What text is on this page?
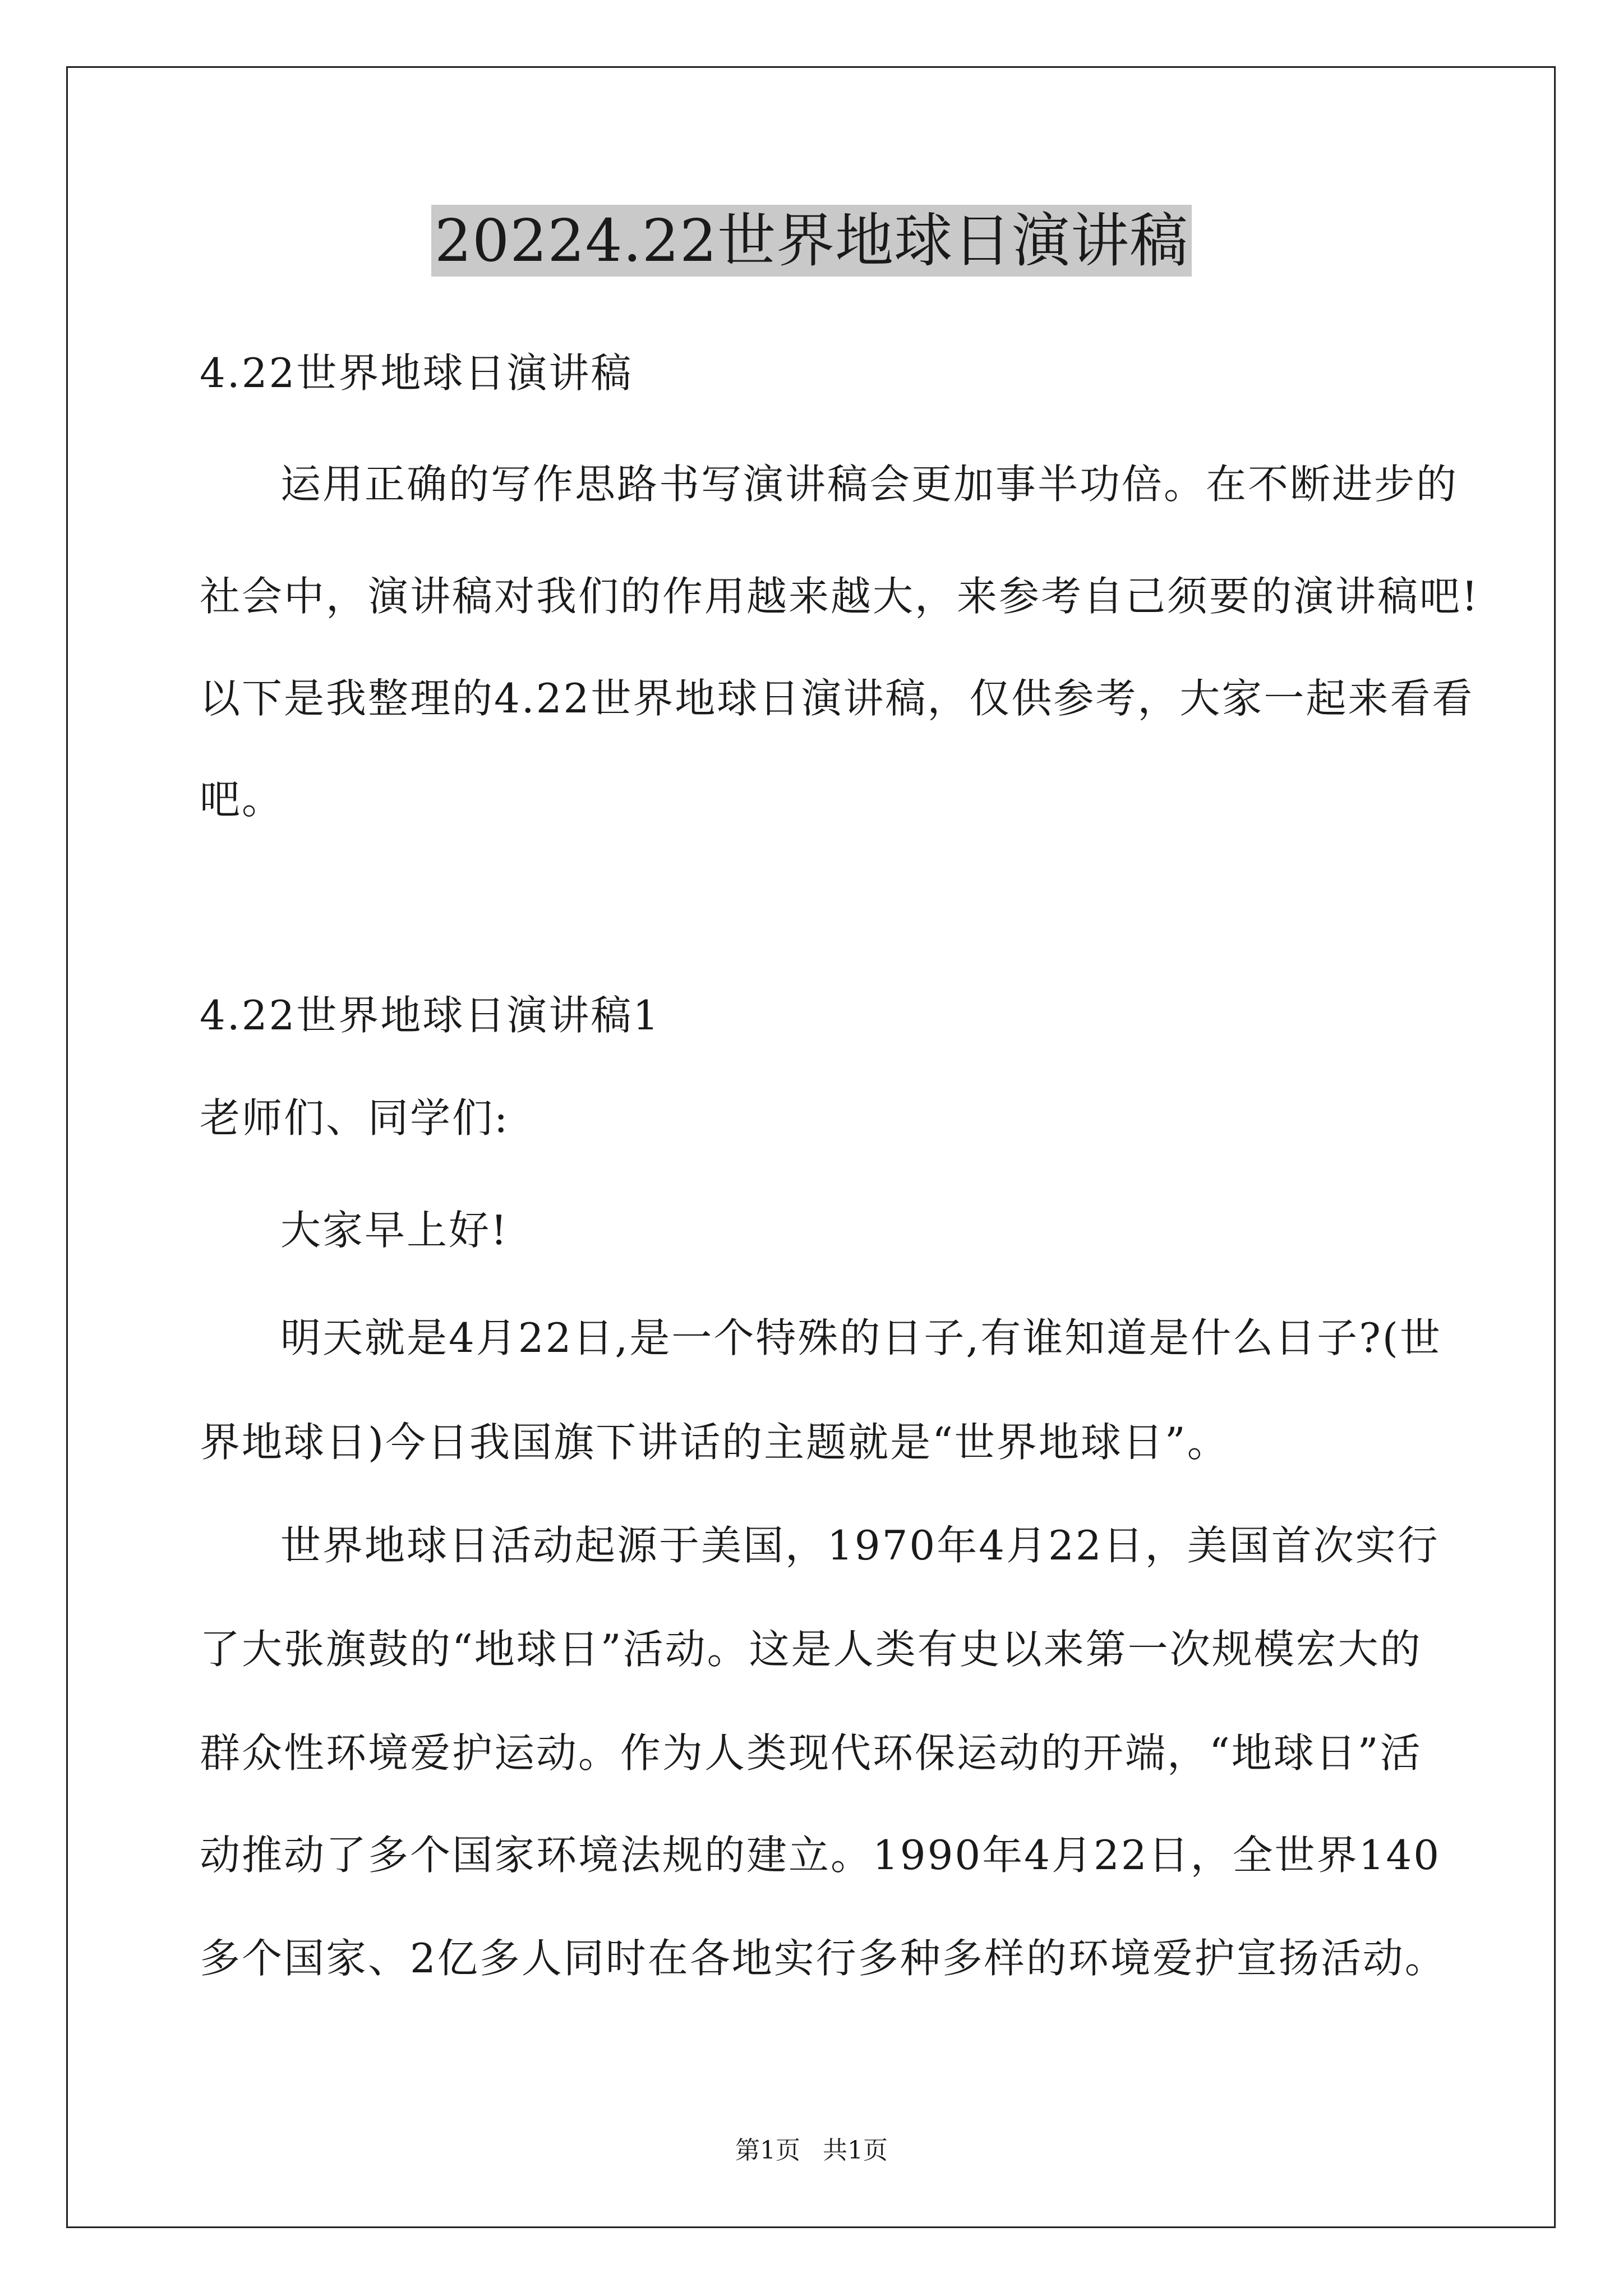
20224.22世界地球日演讲稿
4.22世界地球日演讲稿
运用正确的写作思路书写演讲稿会更加事半功倍。在不断进步的
社会中，演讲稿对我们的作用越来越大，来参考自己须要的演讲稿吧!
以下是我整理的4.22世界地球日演讲稿，仅供参考，大家一起来看看
吧。
4.22世界地球日演讲稿1
老师们、同学们:
大家早上好!
明天就是4月22日,是一个特殊的日子,有谁知道是什么日子?(世
界地球日)今日我国旗下讲话的主题就是“世界地球日”。
世界地球日活动起源于美国，1970年4月22日，美国首次实行
了大张旗鼓的“地球日”活动。这是人类有史以来第一次规模宏大的
群众性环境爱护运动。作为人类现代环保运动的开端，“地球日”活
动推动了多个国家环境法规的建立。1990年4月22日，全世界140
多个国家、2亿多人同时在各地实行多种多样的环境爱护宣扬活动。
第1页 共1页
